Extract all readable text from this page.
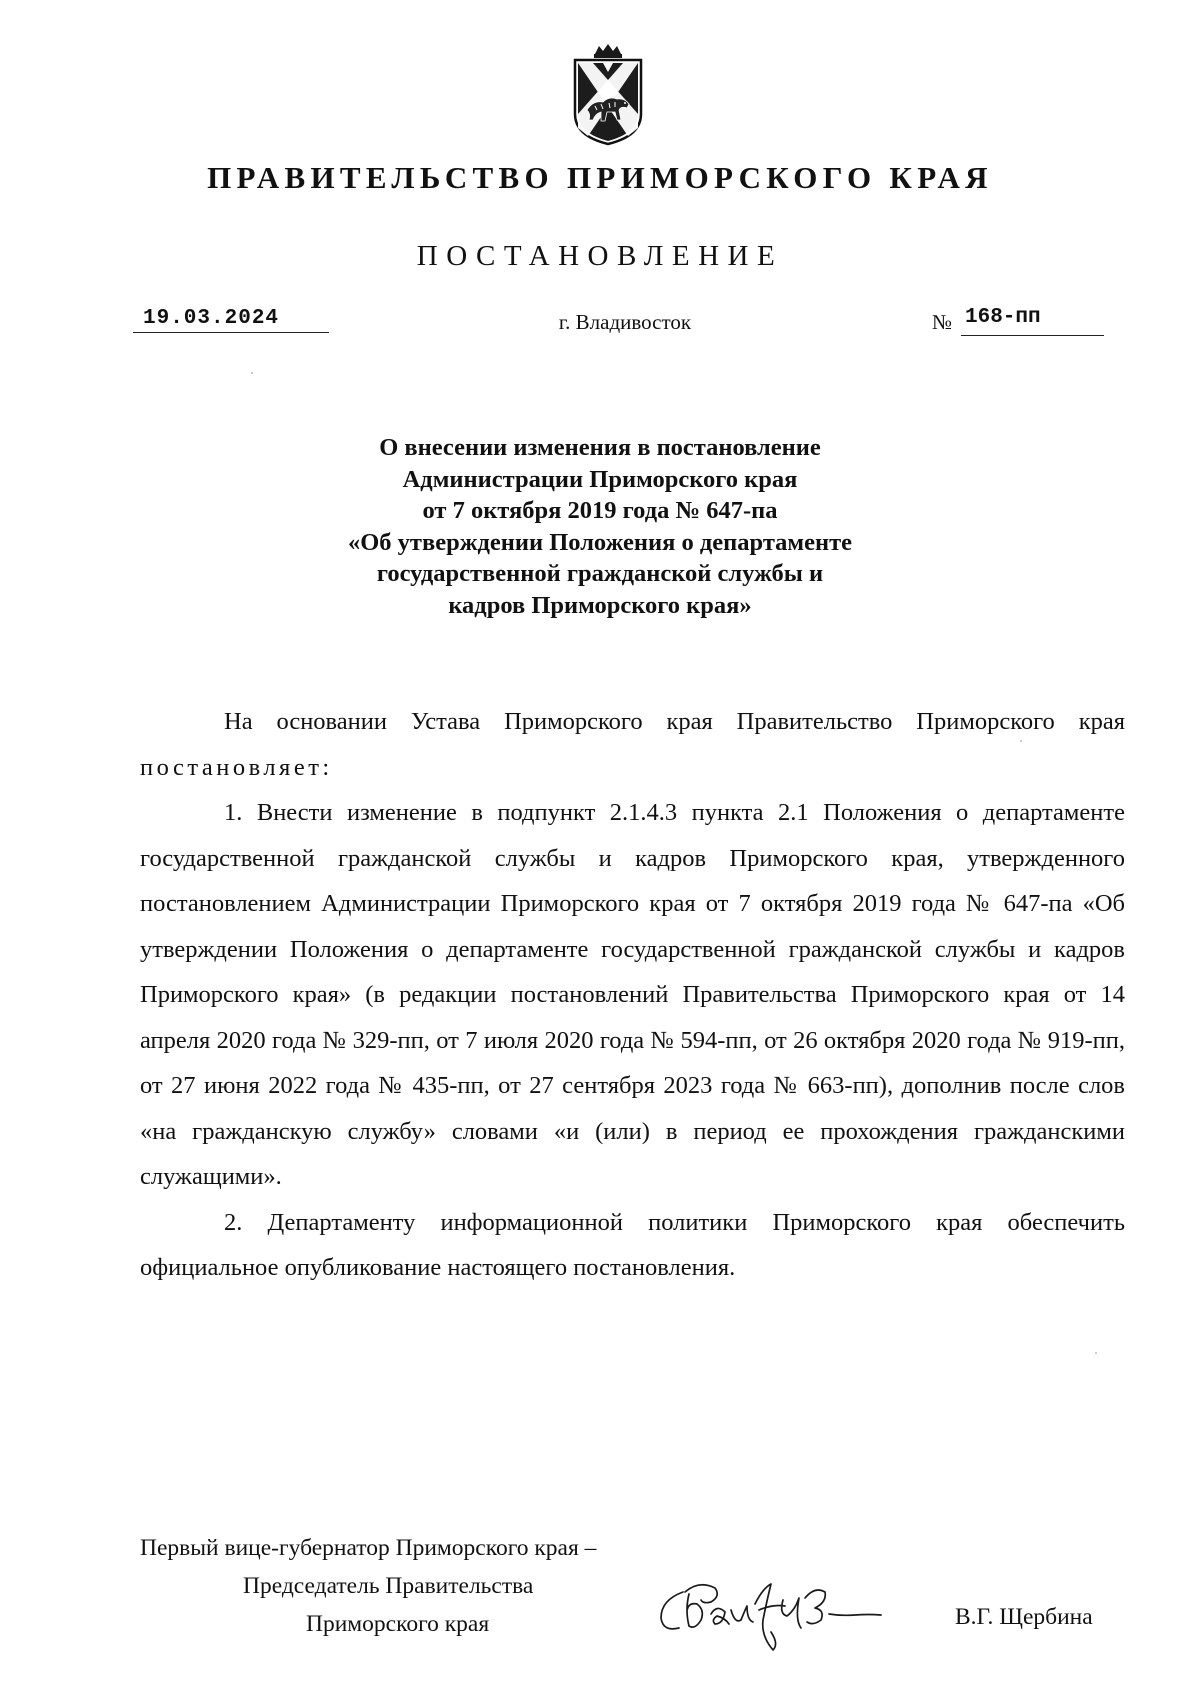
ПРАВИТЕЛЬСТВО ПРИМОРСКОГО КРАЯ
ПОСТАНОВЛЕНИЕ
19.03.2024	г. Владивосток	№ 168-пп
О внесении изменения в постановление
Администрации Приморского края
от 7 октября 2019 года № 647-па
«Об утверждении Положения о департаменте
государственной гражданской службы и
кадров Приморского края»

На основании Устава Приморского края Правительство Приморского края постановляет:

1. Внести изменение в подпункт 2.1.4.3 пункта 2.1 Положения о департаменте государственной гражданской службы и кадров Приморского края, утвержденного постановлением Администрации Приморского края от 7 октября 2019 года № 647-па «Об утверждении Положения о департаменте государственной гражданской службы и кадров Приморского края» (в редакции постановлений Правительства Приморского края от 14 апреля 2020 года № 329-пп, от 7 июля 2020 года № 594-пп, от 26 октября 2020 года № 919-пп, от 27 июня 2022 года № 435-пп, от 27 сентября 2023 года № 663-пп), дополнив после слов «на гражданскую службу» словами «и (или) в период ее прохождения гражданскими служащими».

2. Департаменту информационной политики Приморского края обеспечить официальное опубликование настоящего постановления.

Первый вице-губернатор Приморского края –
Председатель Правительства
Приморского края	В.Г. Щербина
